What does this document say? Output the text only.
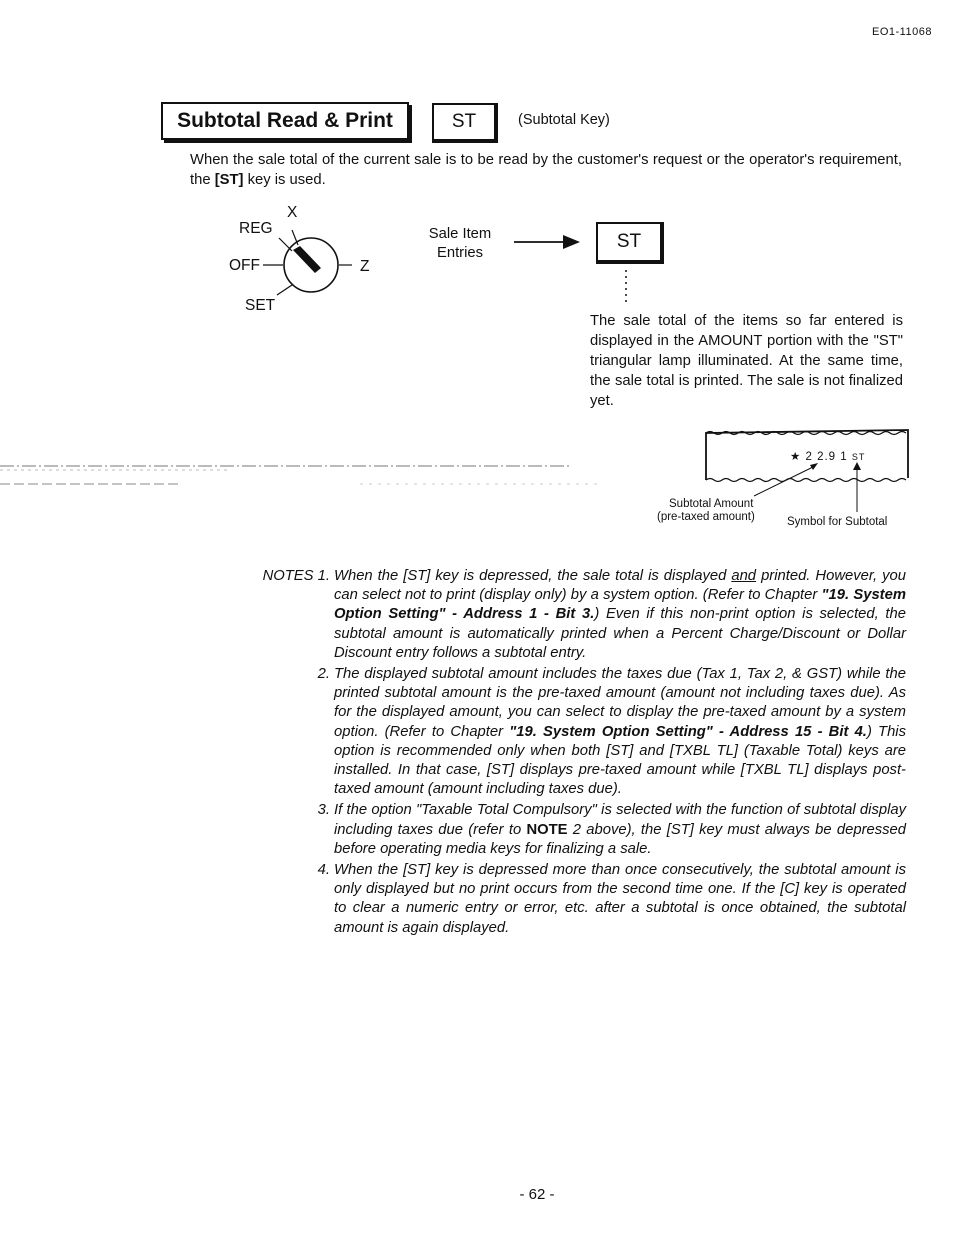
EO1-11068
Subtotal Read & Print	ST	(Subtotal Key)
When the sale total of the current sale is to be read by the customer's request or the operator's requirement, the [ST] key is used.
X
REG
OFF	Z
SET
Sale Item Entries
ST
The sale total of the items so far entered is displayed in the AMOUNT portion with the "ST" triangular lamp illuminated. At the same time, the sale total is printed. The sale is not finalized yet.
★ 2 2.9 1 ST
Subtotal Amount
(pre-taxed amount)	Symbol for Subtotal
NOTES 1. When the [ST] key is depressed, the sale total is displayed and printed. However, you can select not to print (display only) by a system option. (Refer to Chapter "19. System Option Setting" - Address 1 - Bit 3.) Even if this non-print option is selected, the subtotal amount is automatically printed when a Percent Charge/Discount or Dollar Discount entry follows a subtotal entry.
2. The displayed subtotal amount includes the taxes due (Tax 1, Tax 2, & GST) while the printed subtotal amount is the pre-taxed amount (amount not including taxes due). As for the displayed amount, you can select to display the pre-taxed amount by a system option. (Refer to Chapter "19. System Option Setting" - Address 15 - Bit 4.) This option is recommended only when both [ST] and [TXBL TL] (Taxable Total) keys are installed. In that case, [ST] displays pre-taxed amount while [TXBL TL] displays post-taxed amount (amount including taxes due).
3. If the option "Taxable Total Compulsory" is selected with the function of subtotal display including taxes due (refer to NOTE 2 above), the [ST] key must always be depressed before operating media keys for finalizing a sale.
4. When the [ST] key is depressed more than once consecutively, the subtotal amount is only displayed but no print occurs from the second time one. If the [C] key is operated to clear a numeric entry or error, etc. after a subtotal is once obtained, the subtotal amount is again displayed.
- 62 -
